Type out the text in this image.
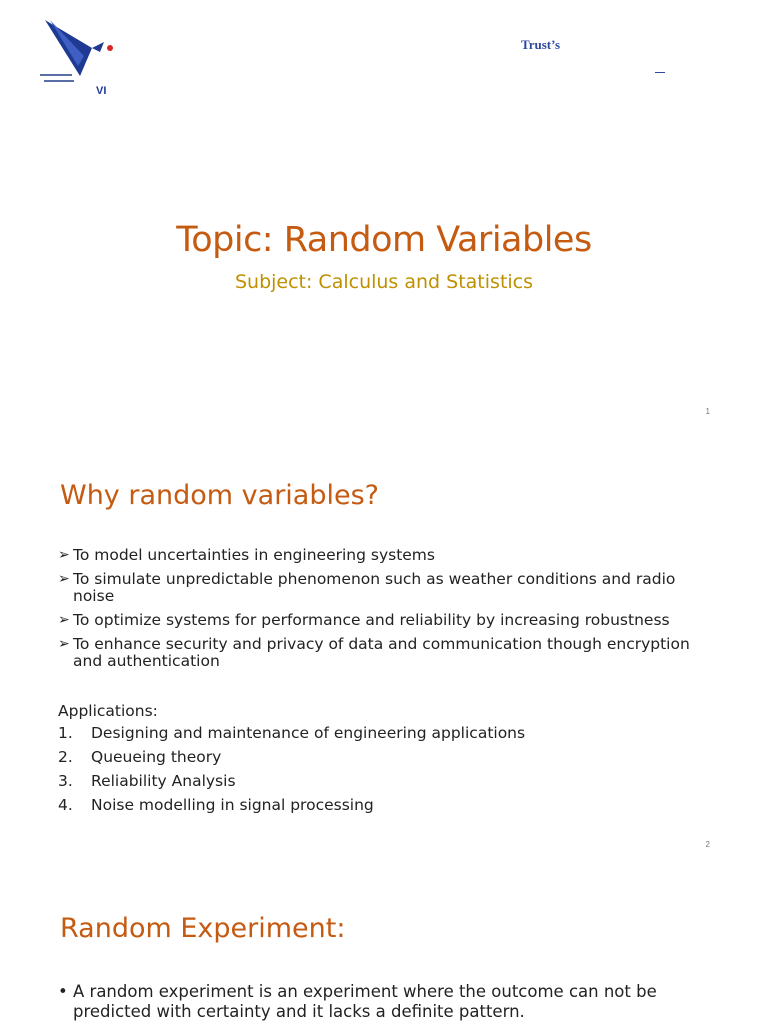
VI
Trust’s
Topic: Random Variables
Subject: Calculus and Statistics
1
Why random variables?
➢ To model uncertainties in engineering systems
➢ To simulate unpredictable phenomenon such as weather conditions and radio noise
➢ To optimize systems for performance and reliability by increasing robustness
➢ To enhance security and privacy of data and communication though encryption and authentication
Applications:
1. Designing and maintenance of engineering applications
2. Queueing theory
3. Reliability Analysis
4. Noise modelling in signal processing
2
Random Experiment:
• A random experiment is an experiment where the outcome can not be predicted with certainty and it lacks a definite pattern.
